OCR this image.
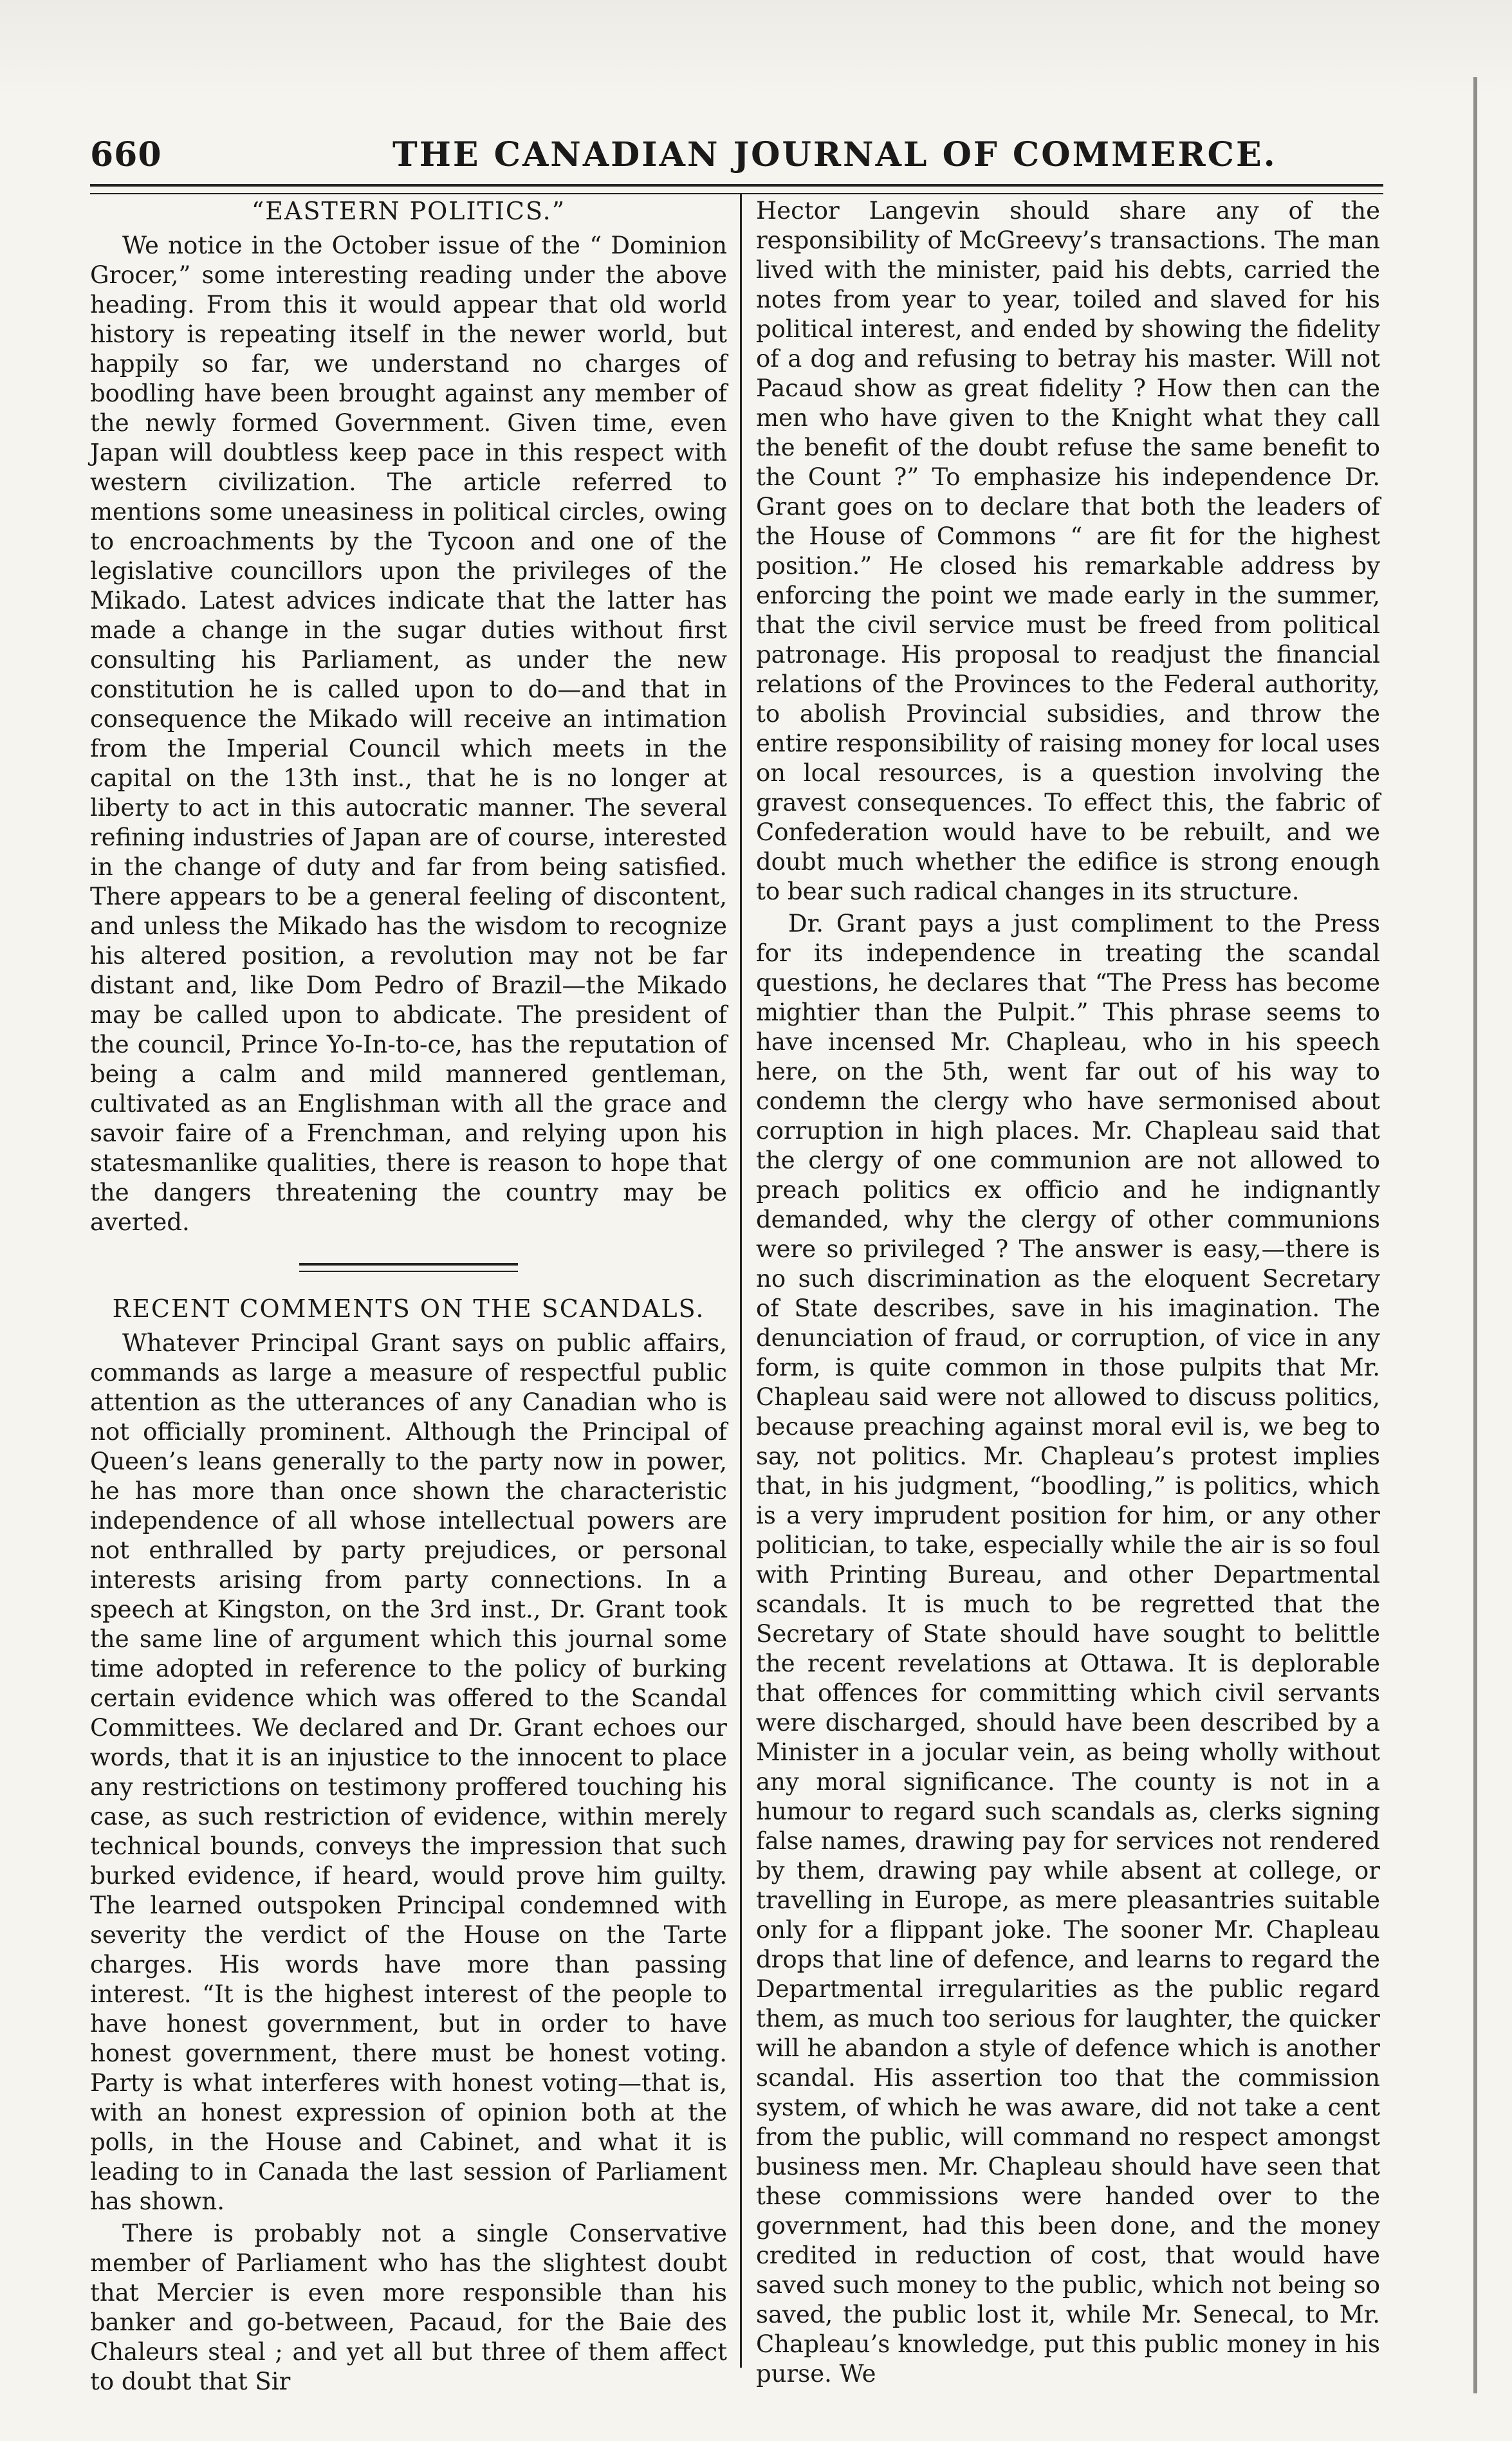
660	THE CANADIAN JOURNAL OF COMMERCE.
“EASTERN POLITICS.”

We notice in the October issue of the “ Dominion Grocer,” some interesting reading under the above heading. From this it would appear that old world history is repeating itself in the newer world, but happily so far, we understand no charges of boodling have been brought against any member of the newly formed Government. Given time, even Japan will doubtless keep pace in this respect with western civilization. The article referred to mentions some uneasiness in political circles, owing to encroachments by the Tycoon and one of the legislative councillors upon the privileges of the Mikado. Latest advices indicate that the latter has made a change in the sugar duties without first consulting his Parliament, as under the new constitution he is called upon to do—and that in consequence the Mikado will receive an intimation from the Imperial Council which meets in the capital on the 13th inst., that he is no longer at liberty to act in this autocratic manner. The several refining industries of Japan are of course, interested in the change of duty and far from being satisfied. There appears to be a general feeling of discontent, and unless the Mikado has the wisdom to recognize his altered position, a revolution may not be far distant and, like Dom Pedro of Brazil—the Mikado may be called upon to abdicate. The president of the council, Prince Yo-In-to-ce, has the reputation of being a calm and mild mannered gentleman, cultivated as an Englishman with all the grace and savoir faire of a Frenchman, and relying upon his statesmanlike qualities, there is reason to hope that the dangers threatening the country may be averted.

RECENT COMMENTS ON THE SCANDALS.

Whatever Principal Grant says on public affairs, commands as large a measure of respectful public attention as the utterances of any Canadian who is not officially prominent. Although the Principal of Queen’s leans generally to the party now in power, he has more than once shown the characteristic independence of all whose intellectual powers are not enthralled by party prejudices, or personal interests arising from party connections. In a speech at Kingston, on the 3rd inst., Dr. Grant took the same line of argument which this journal some time adopted in reference to the policy of burking certain evidence which was offered to the Scandal Committees. We declared and Dr. Grant echoes our words, that it is an injustice to the innocent to place any restrictions on testimony proffered touching his case, as such restriction of evidence, within merely technical bounds, conveys the impression that such burked evidence, if heard, would prove him guilty. The learned outspoken Principal condemned with severity the verdict of the House on the Tarte charges. His words have more than passing interest. “It is the highest interest of the people to have honest government, but in order to have honest government, there must be honest voting. Party is what interferes with honest voting—that is, with an honest expression of opinion both at the polls, in the House and Cabinet, and what it is leading to in Canada the last session of Parliament has shown.

There is probably not a single Conservative member of Parliament who has the slightest doubt that Mercier is even more responsible than his banker and go-between, Pacaud, for the Baie des Chaleurs steal ; and yet all but three of them affect to doubt that Sir

Hector Langevin should share any of the responsibility of McGreevy’s transactions. The man lived with the minister, paid his debts, carried the notes from year to year, toiled and slaved for his political interest, and ended by showing the fidelity of a dog and refusing to betray his master. Will not Pacaud show as great fidelity ? How then can the men who have given to the Knight what they call the benefit of the doubt refuse the same benefit to the Count ?” To emphasize his independence Dr. Grant goes on to declare that both the leaders of the House of Commons “ are fit for the highest position.” He closed his remarkable address by enforcing the point we made early in the summer, that the civil service must be freed from political patronage. His proposal to readjust the financial relations of the Provinces to the Federal authority, to abolish Provincial subsidies, and throw the entire responsibility of raising money for local uses on local resources, is a question involving the gravest consequences. To effect this, the fabric of Confederation would have to be rebuilt, and we doubt much whether the edifice is strong enough to bear such radical changes in its structure.

Dr. Grant pays a just compliment to the Press for its independence in treating the scandal questions, he declares that “The Press has become mightier than the Pulpit.” This phrase seems to have incensed Mr. Chapleau, who in his speech here, on the 5th, went far out of his way to condemn the clergy who have sermonised about corruption in high places. Mr. Chapleau said that the clergy of one communion are not allowed to preach politics ex officio and he indignantly demanded, why the clergy of other communions were so privileged ? The answer is easy,—there is no such discrimination as the eloquent Secretary of State describes, save in his imagination. The denunciation of fraud, or corruption, of vice in any form, is quite common in those pulpits that Mr. Chapleau said were not allowed to discuss politics, because preaching against moral evil is, we beg to say, not politics. Mr. Chapleau’s protest implies that, in his judgment, “boodling,” is politics, which is a very imprudent position for him, or any other politician, to take, especially while the air is so foul with Printing Bureau, and other Departmental scandals. It is much to be regretted that the Secretary of State should have sought to belittle the recent revelations at Ottawa. It is deplorable that offences for committing which civil servants were discharged, should have been described by a Minister in a jocular vein, as being wholly without any moral significance. The county is not in a humour to regard such scandals as, clerks signing false names, drawing pay for services not rendered by them, drawing pay while absent at college, or travelling in Europe, as mere pleasantries suitable only for a flippant joke. The sooner Mr. Chapleau drops that line of defence, and learns to regard the Departmental irregularities as the public regard them, as much too serious for laughter, the quicker will he abandon a style of defence which is another scandal. His assertion too that the commission system, of which he was aware, did not take a cent from the public, will command no respect amongst business men. Mr. Chapleau should have seen that these commissions were handed over to the government, had this been done, and the money credited in reduction of cost, that would have saved such money to the public, which not being so saved, the public lost it, while Mr. Senecal, to Mr. Chapleau’s knowledge, put this public money in his purse. We
